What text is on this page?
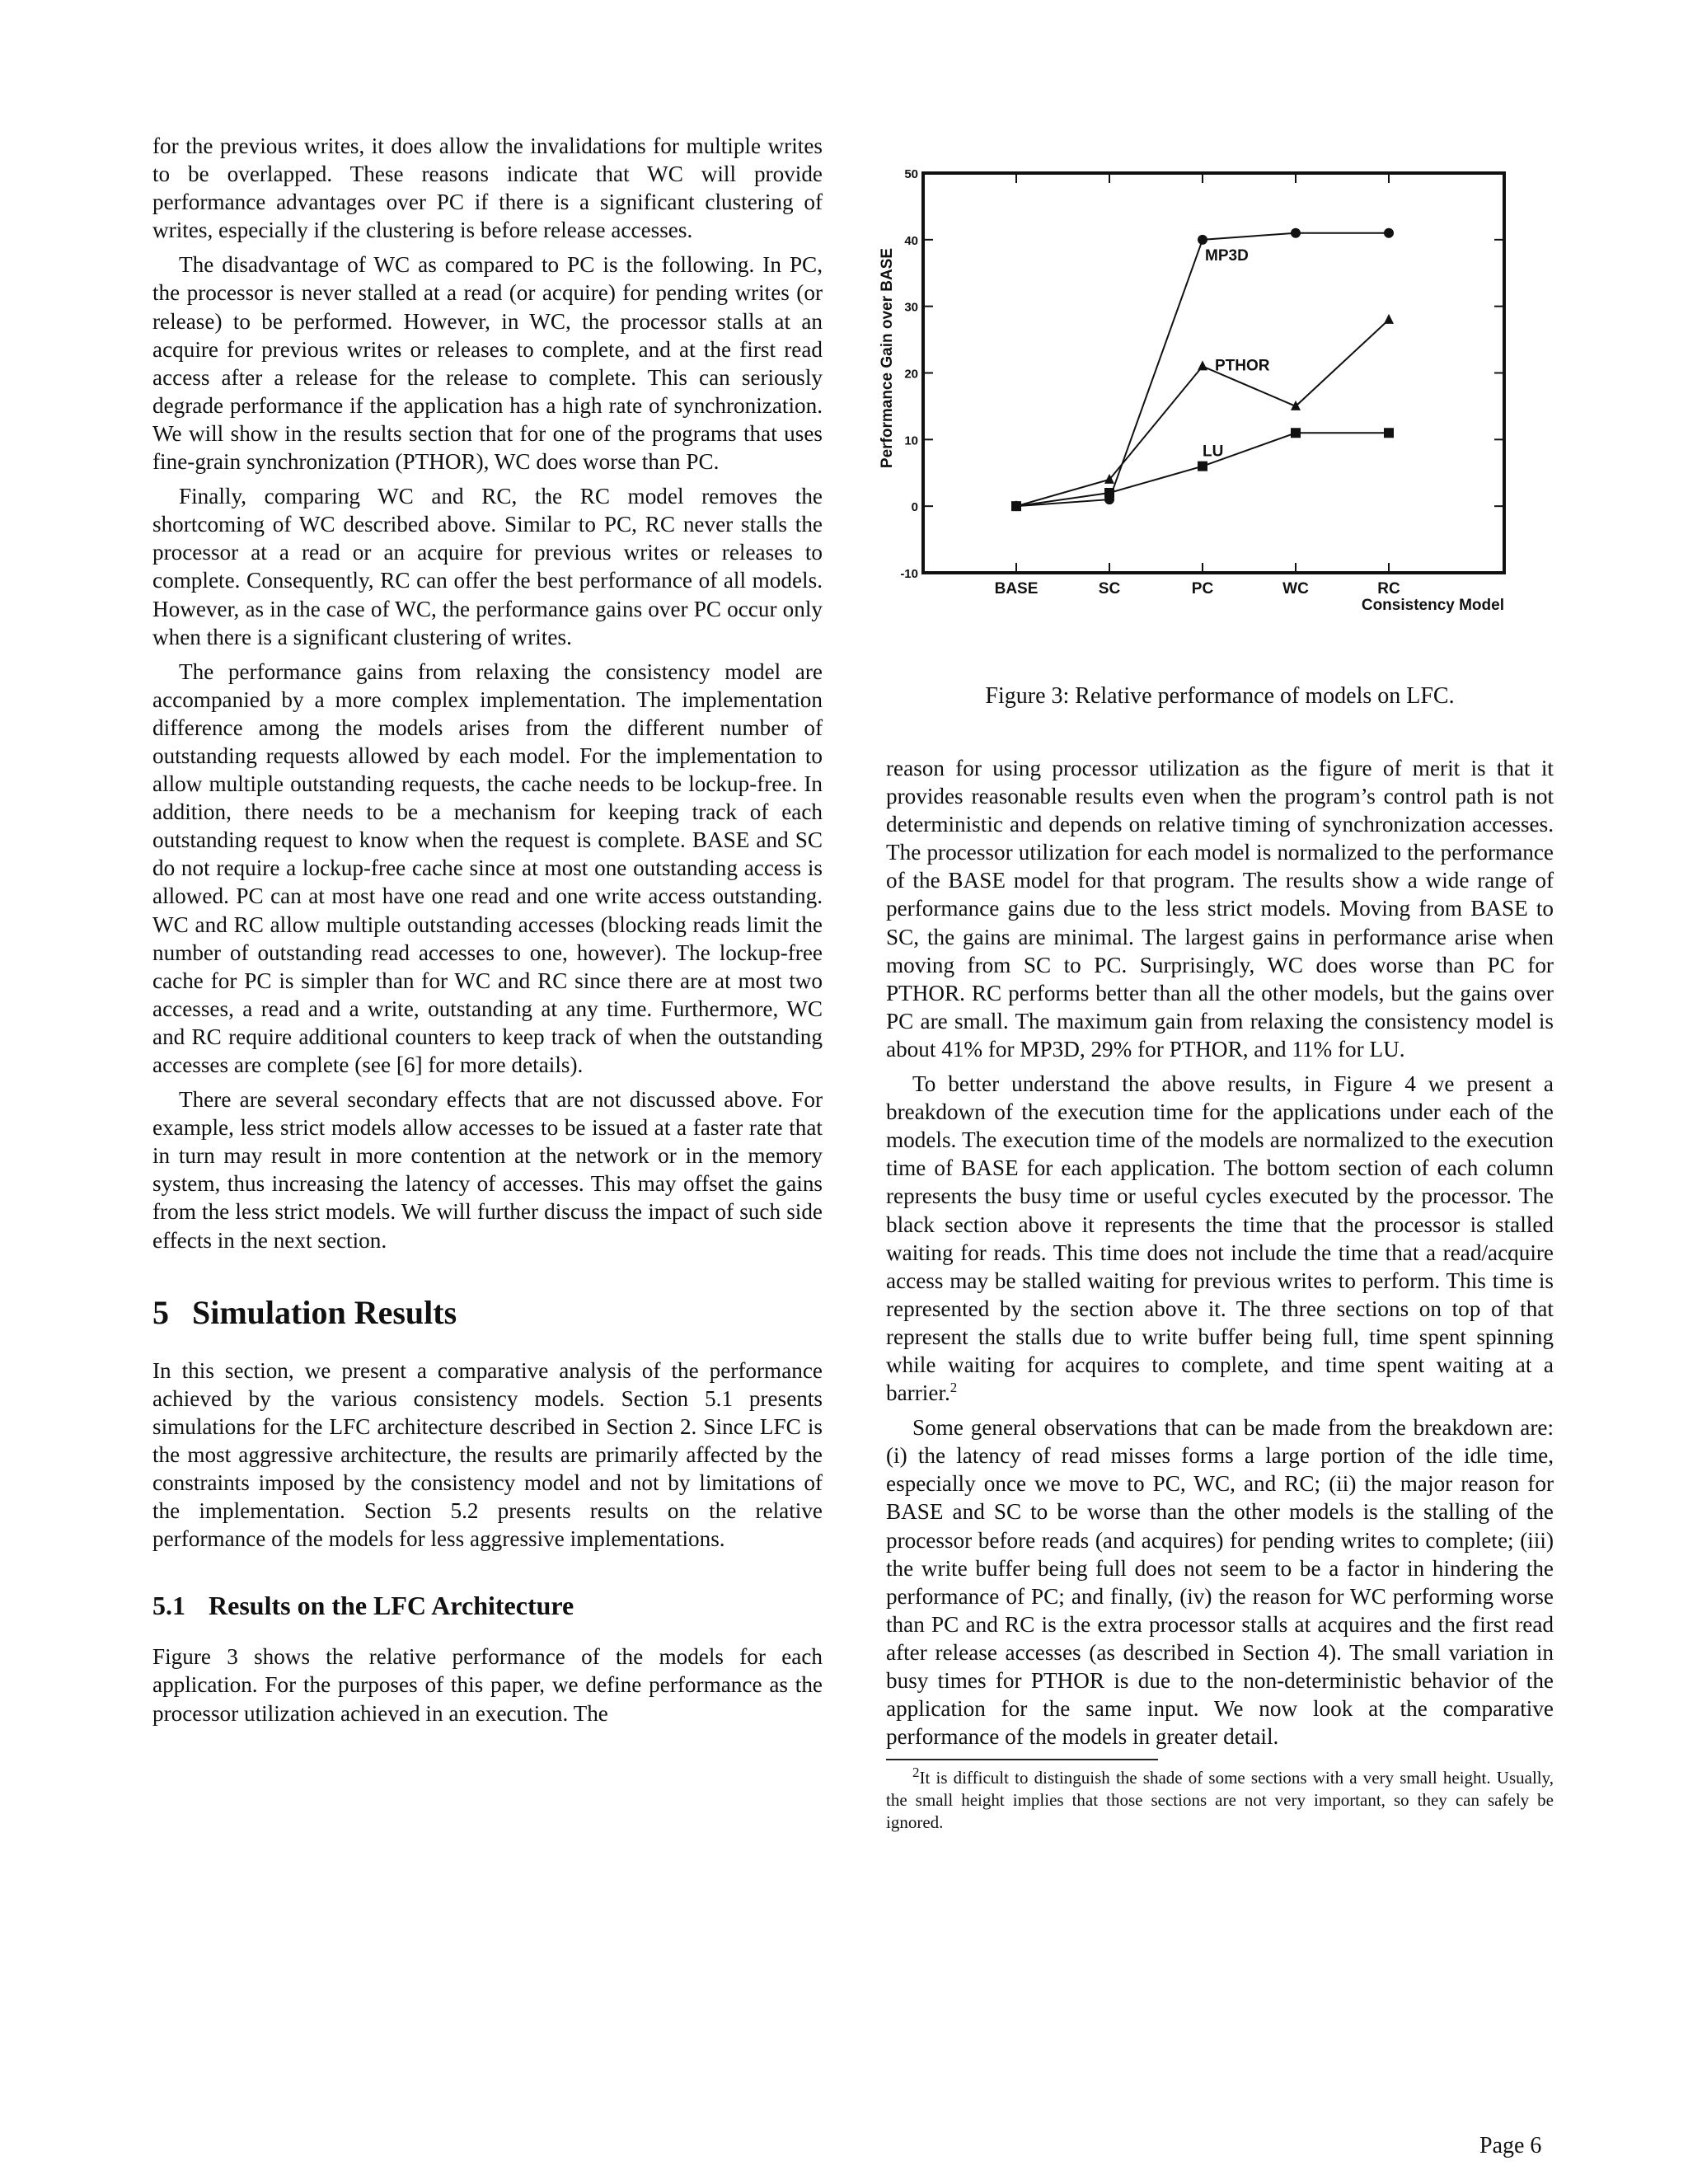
for the previous writes, it does allow the invalidations for multiple writes to be overlapped. These reasons indicate that WC will provide performance advantages over PC if there is a significant clustering of writes, especially if the clustering is before release accesses.

The disadvantage of WC as compared to PC is the following. In PC, the processor is never stalled at a read (or acquire) for pending writes (or release) to be performed. However, in WC, the processor stalls at an acquire for previous writes or releases to complete, and at the first read access after a release for the release to complete. This can seriously degrade performance if the application has a high rate of synchronization. We will show in the results section that for one of the programs that uses fine-grain synchronization (PTHOR), WC does worse than PC.

Finally, comparing WC and RC, the RC model removes the shortcoming of WC described above. Similar to PC, RC never stalls the processor at a read or an acquire for previous writes or releases to complete. Consequently, RC can offer the best performance of all models. However, as in the case of WC, the performance gains over PC occur only when there is a significant clustering of writes.

The performance gains from relaxing the consistency model are accompanied by a more complex implementation. The implementation difference among the models arises from the different number of outstanding requests allowed by each model. For the implementation to allow multiple outstanding requests, the cache needs to be lockup-free. In addition, there needs to be a mechanism for keeping track of each outstanding request to know when the request is complete. BASE and SC do not require a lockup-free cache since at most one outstanding access is allowed. PC can at most have one read and one write access outstanding. WC and RC allow multiple outstanding accesses (blocking reads limit the number of outstanding read accesses to one, however). The lockup-free cache for PC is simpler than for WC and RC since there are at most two accesses, a read and a write, outstanding at any time. Furthermore, WC and RC require additional counters to keep track of when the outstanding accesses are complete (see [6] for more details).

There are several secondary effects that are not discussed above. For example, less strict models allow accesses to be issued at a faster rate that in turn may result in more contention at the network or in the memory system, thus increasing the latency of accesses. This may offset the gains from the less strict models. We will further discuss the impact of such side effects in the next section.

5 Simulation Results

In this section, we present a comparative analysis of the performance achieved by the various consistency models. Section 5.1 presents simulations for the LFC architecture described in Section 2. Since LFC is the most aggressive architecture, the results are primarily affected by the constraints imposed by the consistency model and not by limitations of the implementation. Section 5.2 presents results on the relative performance of the models for less aggressive implementations.

5.1 Results on the LFC Architecture

Figure 3 shows the relative performance of the models for each application. For the purposes of this paper, we define performance as the processor utilization achieved in an execution. The

-10
0
10
20
30
40
50
BASE	SC	PC	WC	RC
Consistency Model
Performance Gain over BASE	MP3D
PTHOR
LU
Figure 3: Relative performance of models on LFC.

reason for using processor utilization as the figure of merit is that it provides reasonable results even when the program’s control path is not deterministic and depends on relative timing of synchronization accesses. The processor utilization for each model is normalized to the performance of the BASE model for that program. The results show a wide range of performance gains due to the less strict models. Moving from BASE to SC, the gains are minimal. The largest gains in performance arise when moving from SC to PC. Surprisingly, WC does worse than PC for PTHOR. RC performs better than all the other models, but the gains over PC are small. The maximum gain from relaxing the consistency model is about 41% for MP3D, 29% for PTHOR, and 11% for LU.

To better understand the above results, in Figure 4 we present a breakdown of the execution time for the applications under each of the models. The execution time of the models are normalized to the execution time of BASE for each application. The bottom section of each column represents the busy time or useful cycles executed by the processor. The black section above it represents the time that the processor is stalled waiting for reads. This time does not include the time that a read/acquire access may be stalled waiting for previous writes to perform. This time is represented by the section above it. The three sections on top of that represent the stalls due to write buffer being full, time spent spinning while waiting for acquires to complete, and time spent waiting at a barrier.$^2$

Some general observations that can be made from the breakdown are: (i) the latency of read misses forms a large portion of the idle time, especially once we move to PC, WC, and RC; (ii) the major reason for BASE and SC to be worse than the other models is the stalling of the processor before reads (and acquires) for pending writes to complete; (iii) the write buffer being full does not seem to be a factor in hindering the performance of PC; and finally, (iv) the reason for WC performing worse than PC and RC is the extra processor stalls at acquires and the first read after release accesses (as described in Section 4). The small variation in busy times for PTHOR is due to the non-deterministic behavior of the application for the same input. We now look at the comparative performance of the models in greater detail.

$^2$It is difficult to distinguish the shade of some sections with a very small height. Usually, the small height implies that those sections are not very important, so they can safely be ignored.
Page 6
